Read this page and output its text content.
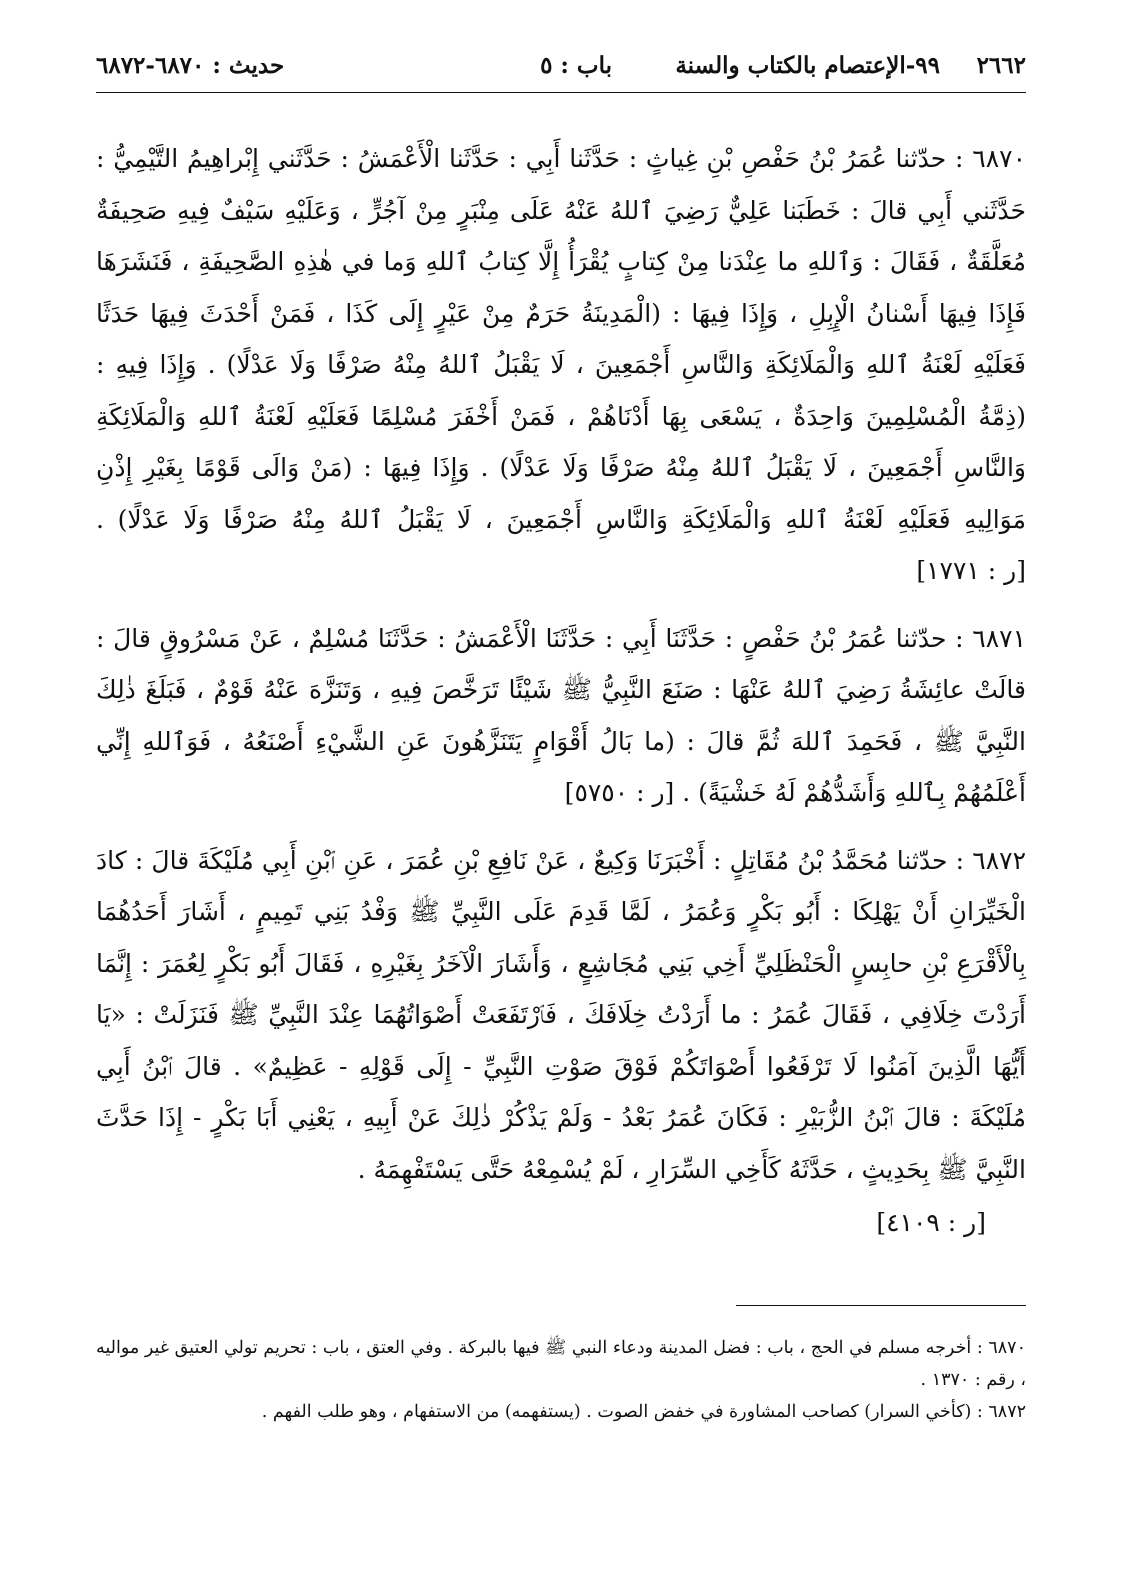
٢٦٦٢
٩٩-الإعتصام بالكتاب والسنة
باب : ٥
حديث : ٦٨٧٠-٦٨٧٢

٦٨٧٠ : حدّثنا عُمَرُ بْنُ حَفْصِ بْنِ غِياثٍ : حَدَّثَنا أَبِي : حَدَّثَنا الْأَعْمَشُ : حَدَّثَني إِبْراهِيمُ التَّيْمِيُّ : حَدَّثَني أَبِي قالَ : خَطَبَنا عَلِيٌّ رَضِيَ ٱللهُ عَنْهُ عَلَى مِنْبَرٍ مِنْ آجُرٍّ ، وَعَلَيْهِ سَيْفٌ فِيهِ صَحِيفَةٌ مُعَلَّقَةٌ ، فَقَالَ : وَٱللهِ ما عِنْدَنا مِنْ كِتابٍ يُقْرَأُ إِلَّا كِتابُ ٱللهِ وَما في هٰذِهِ الصَّحِيفَةِ ، فَنَشَرَهَا فَإِذَا فِيهَا أَسْنانُ الْإِبِلِ ، وَإِذَا فِيهَا : (الْمَدِينَةُ حَرَمٌ مِنْ عَيْرٍ إِلَى كَذَا ، فَمَنْ أَحْدَثَ فِيهَا حَدَثًا فَعَلَيْهِ لَعْنَةُ ٱللهِ وَالْمَلَائِكَةِ وَالنَّاسِ أَجْمَعِينَ ، لَا يَقْبَلُ ٱللهُ مِنْهُ صَرْفًا وَلَا عَدْلًا) . وَإِذَا فِيهِ : (ذِمَّةُ الْمُسْلِمِينَ وَاحِدَةٌ ، يَسْعَى بِهَا أَدْنَاهُمْ ، فَمَنْ أَخْفَرَ مُسْلِمًا فَعَلَيْهِ لَعْنَةُ ٱللهِ وَالْمَلَائِكَةِ وَالنَّاسِ أَجْمَعِينَ ، لَا يَقْبَلُ ٱللهُ مِنْهُ صَرْفًا وَلَا عَدْلًا) . وَإِذَا فِيهَا : (مَنْ وَالَى قَوْمًا بِغَيْرِ إِذْنِ مَوَالِيهِ فَعَلَيْهِ لَعْنَةُ ٱللهِ وَالْمَلَائِكَةِ وَالنَّاسِ أَجْمَعِينَ ، لَا يَقْبَلُ ٱللهُ مِنْهُ صَرْفًا وَلَا عَدْلًا) . [ر : ١٧٧١]

٦٨٧١ : حدّثنا عُمَرُ بْنُ حَفْصٍ : حَدَّثَنَا أَبِي : حَدَّثَنَا الْأَعْمَشُ : حَدَّثَنَا مُسْلِمٌ ، عَنْ مَسْرُوقٍ قالَ : قالَتْ عائِشَةُ رَضِيَ ٱللهُ عَنْهَا : صَنَعَ النَّبِيُّ ﷺ شَيْئًا تَرَخَّصَ فِيهِ ، وَتَنَزَّهَ عَنْهُ قَوْمٌ ، فَبَلَغَ ذٰلِكَ النَّبِيَّ ﷺ ، فَحَمِدَ ٱللهَ ثُمَّ قالَ : (ما بَالُ أَقْوَامٍ يَتَنَزَّهُونَ عَنِ الشَّيْءِ أَصْنَعُهُ ، فَوَٱللهِ إِنِّي أَعْلَمُهُمْ بِٱللهِ وَأَشَدُّهُمْ لَهُ خَشْيَةً) . [ر : ٥٧٥٠]

٦٨٧٢ : حدّثنا مُحَمَّدُ بْنُ مُقَاتِلٍ : أَخْبَرَنَا وَكِيعٌ ، عَنْ نَافِعِ بْنِ عُمَرَ ، عَنِ ٱبْنِ أَبِي مُلَيْكَةَ قالَ : كادَ الْخَيِّرَانِ أَنْ يَهْلِكَا : أَبُو بَكْرٍ وَعُمَرُ ، لَمَّا قَدِمَ عَلَى النَّبِيِّ ﷺ وَفْدُ بَنِي تَمِيمٍ ، أَشَارَ أَحَدُهُمَا بِالْأَقْرَعِ بْنِ حابِسٍ الْحَنْظَلِيِّ أَخِي بَنِي مُجَاشِعٍ ، وَأَشَارَ الْآخَرُ بِغَيْرِهِ ، فَقَالَ أَبُو بَكْرٍ لِعُمَرَ : إِنَّمَا أَرَدْتَ خِلَافِي ، فَقَالَ عُمَرُ : ما أَرَدْتُ خِلَافَكَ ، فَٱرْتَفَعَتْ أَصْوَاتُهُمَا عِنْدَ النَّبِيِّ ﷺ فَنَزَلَتْ : «يَا أَيُّهَا الَّذِينَ آمَنُوا لَا تَرْفَعُوا أَصْوَاتَكُمْ فَوْقَ صَوْتِ النَّبِيِّ - إِلَى قَوْلِهِ - عَظِيمٌ» . قالَ ٱبْنُ أَبِي مُلَيْكَةَ : قالَ ٱبْنُ الزُّبَيْرِ : فَكَانَ عُمَرُ بَعْدُ - وَلَمْ يَذْكُرْ ذٰلِكَ عَنْ أَبِيهِ ، يَعْنِي أَبَا بَكْرٍ - إِذَا حَدَّثَ النَّبِيَّ ﷺ بِحَدِيثٍ ، حَدَّثَهُ كَأَخِي السِّرَارِ ، لَمْ يُسْمِعْهُ حَتَّى يَسْتَفْهِمَهُ .

[ر : ٤١٠٩]

٦٨٧٠ : أخرجه مسلم في الحج ، باب : فضل المدينة ودعاء النبي ﷺ فيها بالبركة . وفي العتق ، باب : تحريم تولي العتيق غير مواليه ، رقم : ١٣٧٠ .

٦٨٧٢ : (كأخي السرار) كصاحب المشاورة في خفض الصوت . (يستفهمه) من الاستفهام ، وهو طلب الفهم .
